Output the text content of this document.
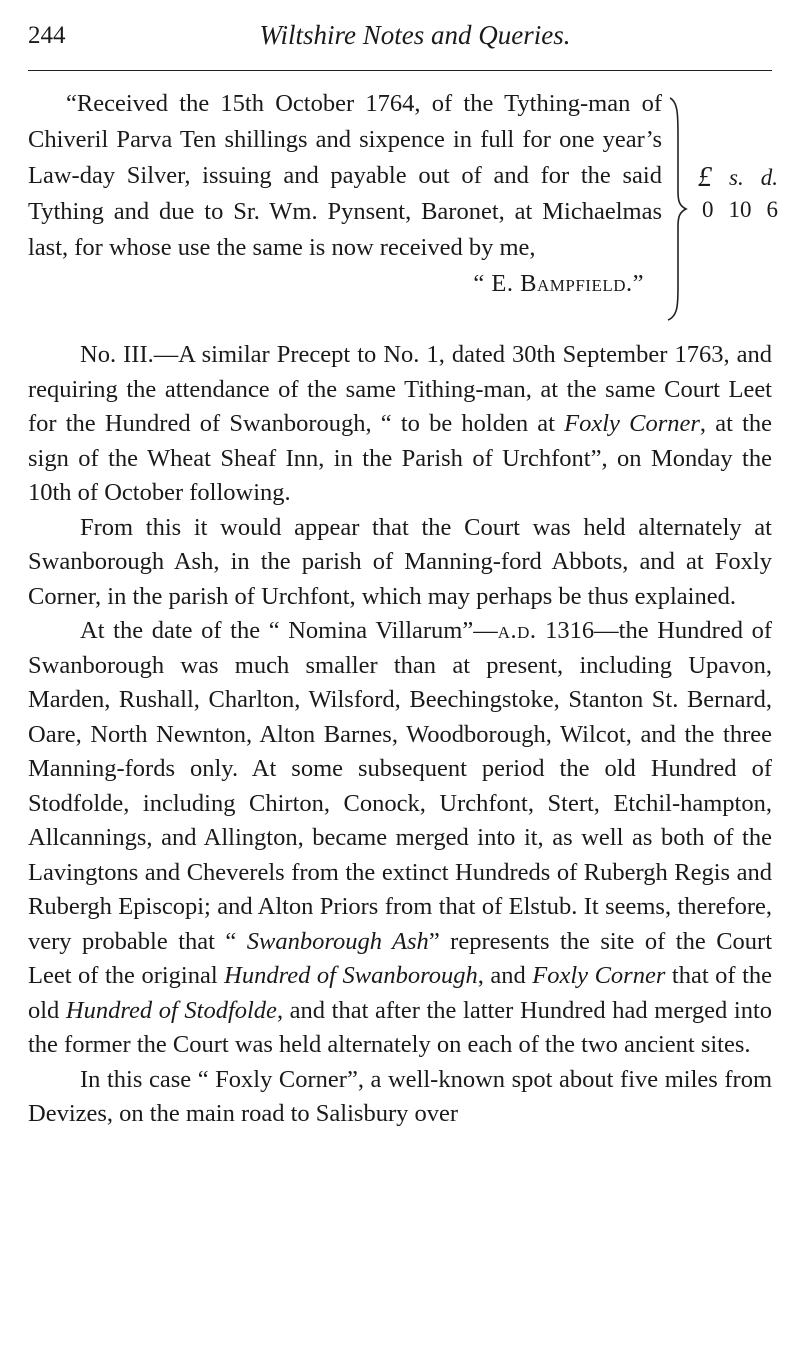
244	Wiltshire Notes and Queries.

“Received the 15th October 1764, of the Tything-man of Chiveril Parva Ten shillings and sixpence in full for one year’s Law-day Silver, issuing and payable out of and for the said Tything and due to Sr. Wm. Pynsent, Baronet, at Michaelmas last, for whose use the same is now received by me,

“ E. Bampfield.”

£ s. d.
0 10 6

No. III.—A similar Precept to No. 1, dated 30th September 1763, and requiring the attendance of the same Tithing-man, at the same Court Leet for the Hundred of Swanborough, “ to be holden at Foxly Corner, at the sign of the Wheat Sheaf Inn, in the Parish of Urchfont”, on Monday the 10th of October following.

From this it would appear that the Court was held alternately at Swanborough Ash, in the parish of Manning-ford Abbots, and at Foxly Corner, in the parish of Urchfont, which may perhaps be thus explained.

At the date of the “ Nomina Villarum”—a.d. 1316—the Hundred of Swanborough was much smaller than at present, including Upavon, Marden, Rushall, Charlton, Wilsford, Beechingstoke, Stanton St. Bernard, Oare, North Newnton, Alton Barnes, Woodborough, Wilcot, and the three Manning-fords only. At some subsequent period the old Hundred of Stodfolde, including Chirton, Conock, Urchfont, Stert, Etchil-hampton, Allcannings, and Allington, became merged into it, as well as both of the Lavingtons and Cheverels from the extinct Hundreds of Rubergh Regis and Rubergh Episcopi; and Alton Priors from that of Elstub. It seems, therefore, very probable that “ Swanborough Ash” represents the site of the Court Leet of the original Hundred of Swanborough, and Foxly Corner that of the old Hundred of Stodfolde, and that after the latter Hundred had merged into the former the Court was held alternately on each of the two ancient sites.

In this case “ Foxly Corner”, a well-known spot about five miles from Devizes, on the main road to Salisbury over
